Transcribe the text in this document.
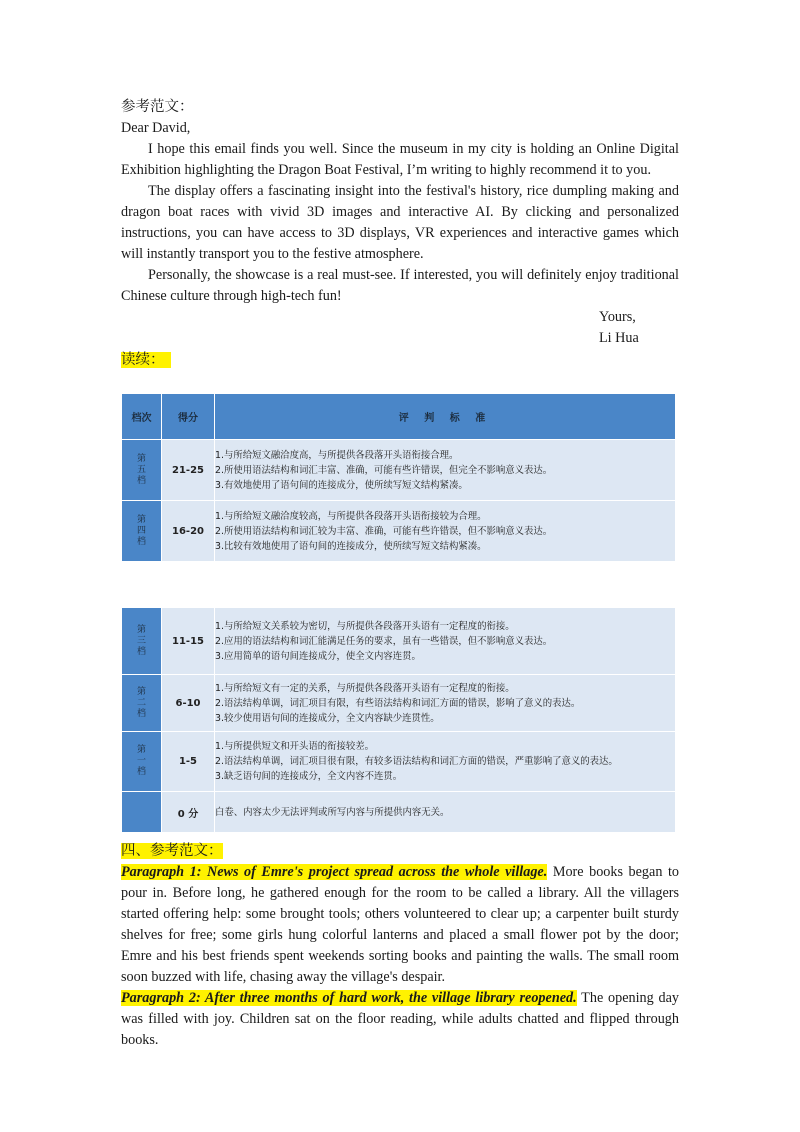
参考范文：

Dear David,

I hope this email finds you well. Since the museum in my city is holding an Online Digital Exhibition highlighting the Dragon Boat Festival, I’m writing to highly recommend it to you.

The display offers a fascinating insight into the festival's history, rice dumpling making and dragon boat races with vivid 3D images and interactive AI. By clicking and personalized instructions, you can have access to 3D displays, VR experiences and interactive games which will instantly transport you to the festive atmosphere.

Personally, the showcase is a real must-see. If interested, you will definitely enjoy traditional Chinese culture through high-tech fun!

Yours,

Li Hua

读续：

档次	得分	评 判 标 准
第五档	21-25	1.与所给短文融洽度高，与所提供各段落开头语衔接合理。
2.所使用语法结构和词汇丰富、准确，可能有些许错误，但完全不影响意义表达。
3.有效地使用了语句间的连接成分，使所续写短文结构紧凑。

第四档	16-20	1.与所给短文融洽度较高，与所提供各段落开头语衔接较为合理。
2.所使用语法结构和词汇较为丰富、准确，可能有些许错误，但不影响意义表达。
3.比较有效地使用了语句间的连接成分，使所续写短文结构紧凑。
第三档	11-15	1.与所给短文关系较为密切，与所提供各段落开头语有一定程度的衔接。
2.应用的语法结构和词汇能满足任务的要求，虽有一些错误，但不影响意义表达。
3.应用简单的语句间连接成分，使全文内容连贯。

第二档	6-10	1.与所给短文有一定的关系，与所提供各段落开头语有一定程度的衔接。
2.语法结构单调，词汇项目有限，有些语法结构和词汇方面的错误，影响了意义的表达。
3.较少使用语句间的连接成分，全文内容缺少连贯性。

第一档	1-5	1.与所提供短文和开头语的衔接较差。
2.语法结构单调，词汇项目很有限，有较多语法结构和词汇方面的错误，严重影响了意义的表达。
3.缺乏语句间的连接成分，全文内容不连贯。

	0 分	白卷、内容太少无法评判或所写内容与所提供内容无关。

四、参考范文：

Paragraph 1: News of Emre's project spread across the whole village. More books began to pour in. Before long, he gathered enough for the room to be called a library. All the villagers started offering help: some brought tools; others volunteered to clear up; a carpenter built sturdy shelves for free; some girls hung colorful lanterns and placed a small flower pot by the door; Emre and his best friends spent weekends sorting books and painting the walls. The small room soon buzzed with life, chasing away the village's despair.

Paragraph 2: After three months of hard work, the village library reopened. The opening day was filled with joy. Children sat on the floor reading, while adults chatted and flipped through books.
